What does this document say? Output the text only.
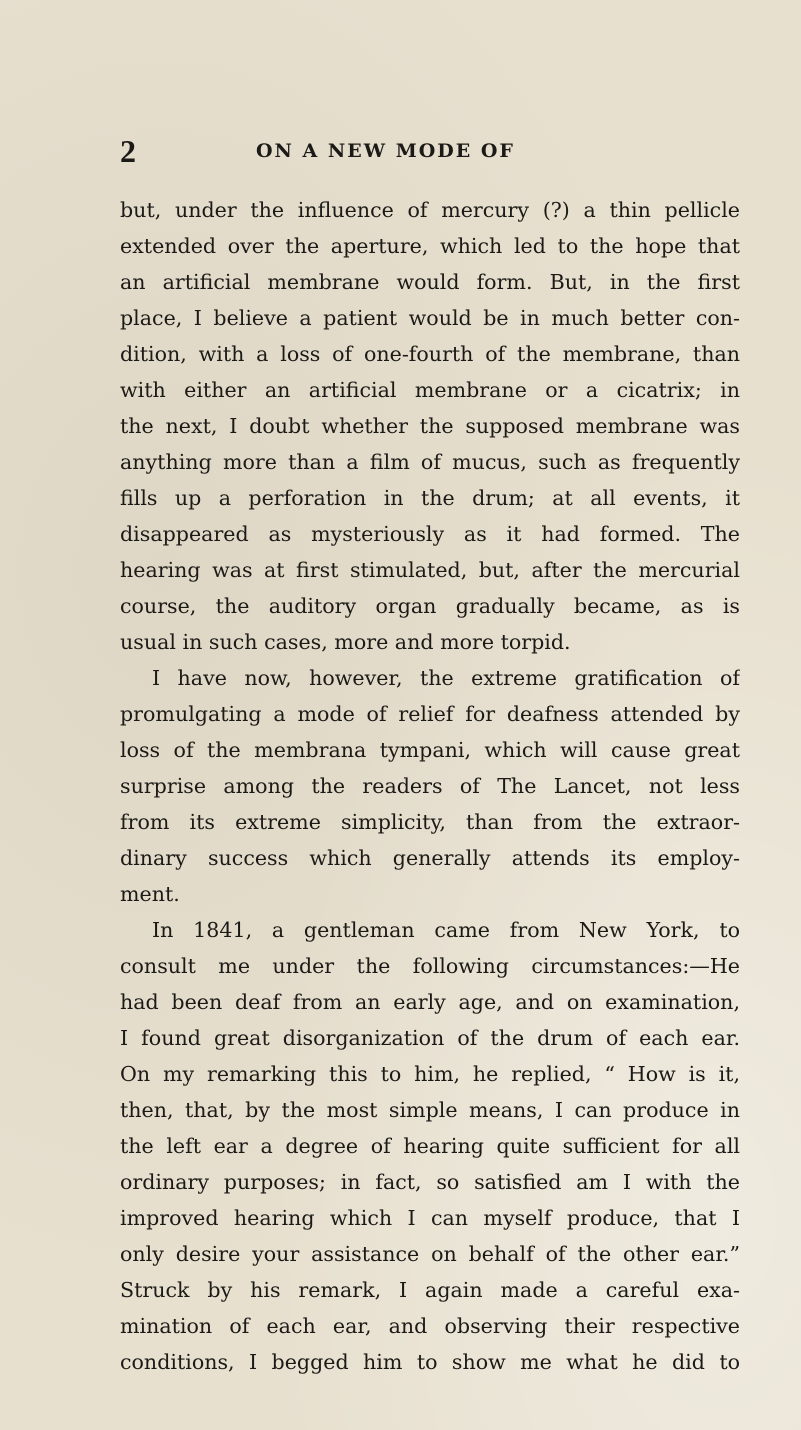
2	ON A NEW MODE OF
but, under the influence of mercury (?) a thin pellicle
extended over the aperture, which led to the hope that
an artificial membrane would form. But, in the first
place, I believe a patient would be in much better con-
dition, with a loss of one-fourth of the membrane, than
with either an artificial membrane or a cicatrix; in
the next, I doubt whether the supposed membrane was
anything more than a film of mucus, such as frequently
fills up a perforation in the drum; at all events, it
disappeared as mysteriously as it had formed. The
hearing was at first stimulated, but, after the mercurial
course, the auditory organ gradually became, as is
usual in such cases, more and more torpid.
I have now, however, the extreme gratification of
promulgating a mode of relief for deafness attended by
loss of the membrana tympani, which will cause great
surprise among the readers of The Lancet, not less
from its extreme simplicity, than from the extraor-
dinary success which generally attends its employ-
ment.
In 1841, a gentleman came from New York, to
consult me under the following circumstances:—He
had been deaf from an early age, and on examination,
I found great disorganization of the drum of each ear.
On my remarking this to him, he replied, “ How is it,
then, that, by the most simple means, I can produce in
the left ear a degree of hearing quite sufficient for all
ordinary purposes; in fact, so satisfied am I with the
improved hearing which I can myself produce, that I
only desire your assistance on behalf of the other ear.”
Struck by his remark, I again made a careful exa-
mination of each ear, and observing their respective
conditions, I begged him to show me what he did to
